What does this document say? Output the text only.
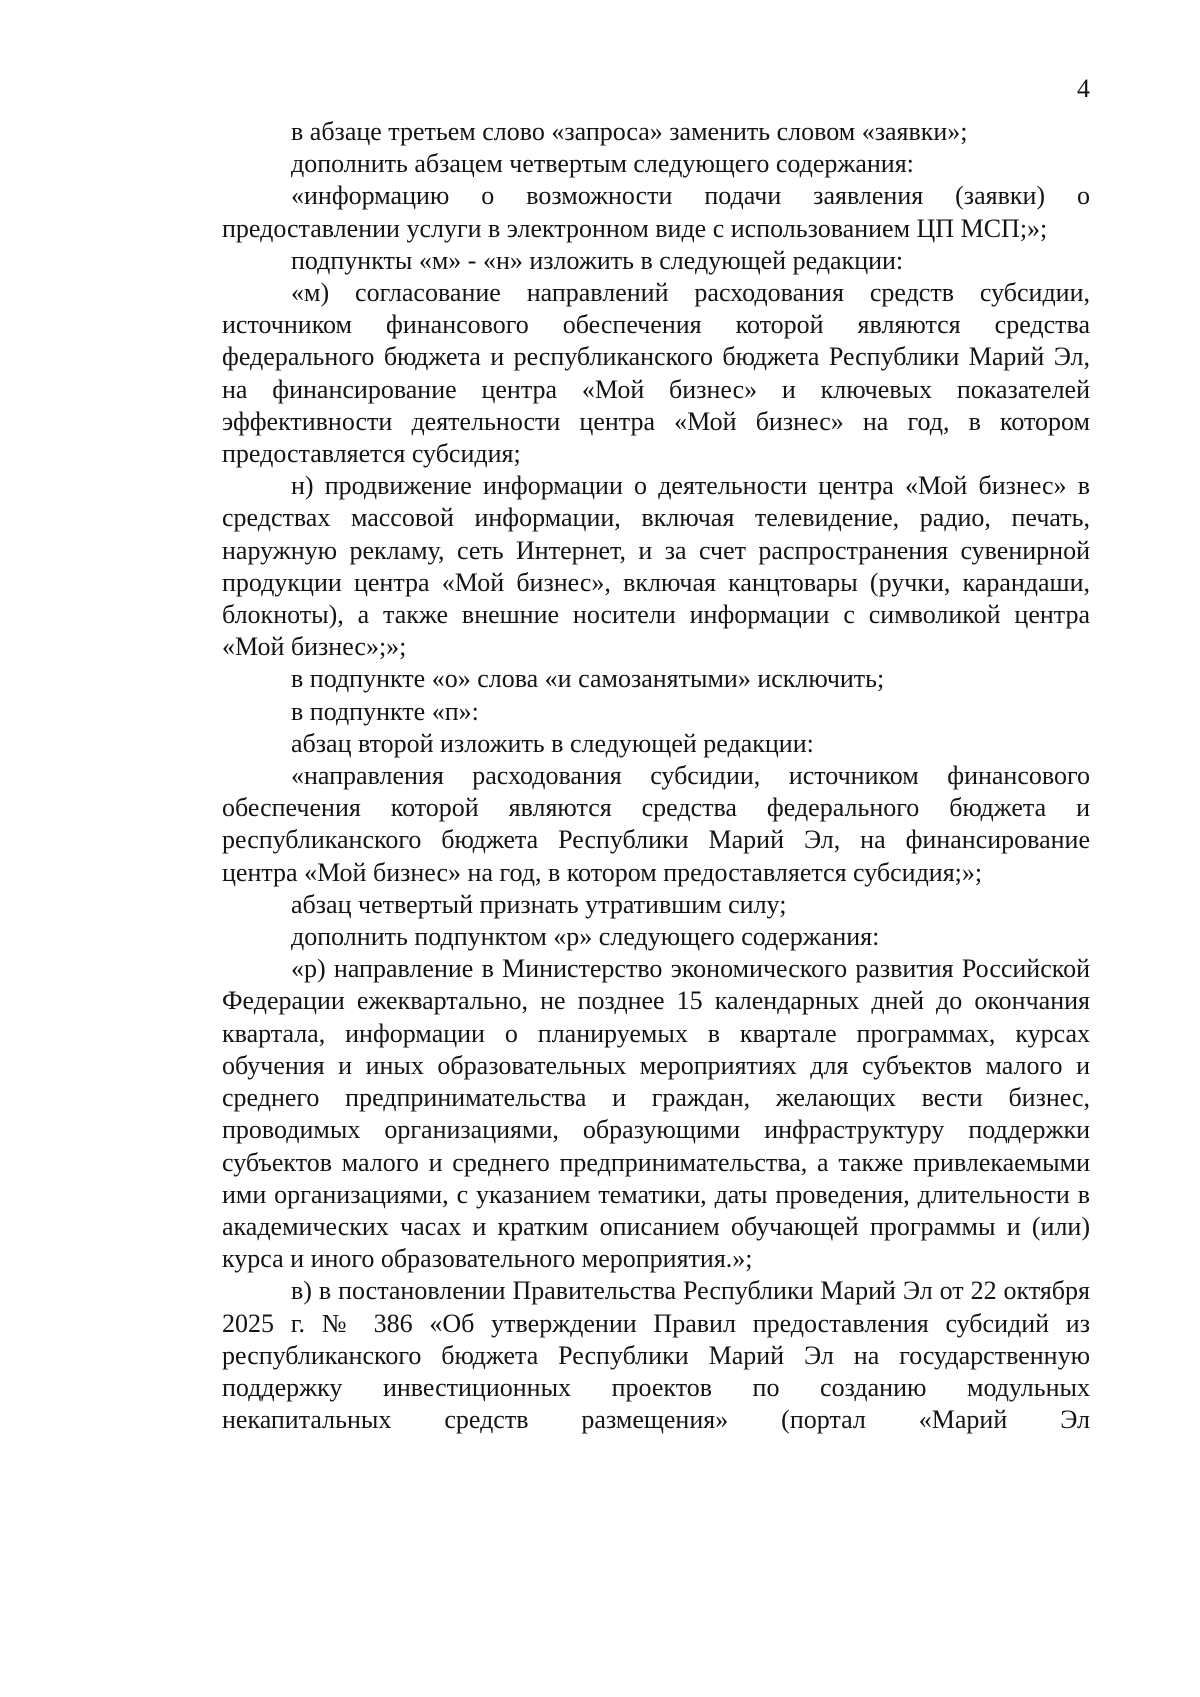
4

в абзаце третьем слово «запроса» заменить словом «заявки»;

дополнить абзацем четвертым следующего содержания:

«информацию о возможности подачи заявления (заявки) о предоставлении услуги в электронном виде с использованием ЦП МСП;»;

подпункты «м» - «н» изложить в следующей редакции:

«м) согласование направлений расходования средств субсидии, источником финансового обеспечения которой являются средства федерального бюджета и республиканского бюджета Республики Марий Эл, на финансирование центра «Мой бизнес» и ключевых показателей эффективности деятельности центра «Мой бизнес» на год, в котором предоставляется субсидия;

н) продвижение информации о деятельности центра «Мой бизнес» в средствах массовой информации, включая телевидение, радио, печать, наружную рекламу, сеть Интернет, и за счет распространения сувенирной продукции центра «Мой бизнес», включая канцтовары (ручки, карандаши, блокноты), а также внешние носители информации с символикой центра «Мой бизнес»;»;

в подпункте «о» слова «и самозанятыми» исключить;

в подпункте «п»:

абзац второй изложить в следующей редакции:

«направления расходования субсидии, источником финансового обеспечения которой являются средства федерального бюджета и республиканского бюджета Республики Марий Эл, на финансирование центра «Мой бизнес» на год, в котором предоставляется субсидия;»;

абзац четвертый признать утратившим силу;

дополнить подпунктом «р» следующего содержания:

«р) направление в Министерство экономического развития Российской Федерации ежеквартально, не позднее 15 календарных дней до окончания квартала, информации о планируемых в квартале программах, курсах обучения и иных образовательных мероприятиях для субъектов малого и среднего предпринимательства и граждан, желающих вести бизнес, проводимых организациями, образующими инфраструктуру поддержки субъектов малого и среднего предпринимательства, а также привлекаемыми ими организациями, с указанием тематики, даты проведения, длительности в академических часах и кратким описанием обучающей программы и (или) курса и иного образовательного мероприятия.»;

в) в постановлении Правительства Республики Марий Эл от 22 октября 2025 г. № 386 «Об утверждении Правил предоставления субсидий из республиканского бюджета Республики Марий Эл на государственную поддержку инвестиционных проектов по созданию модульных некапитальных средств размещения» (портал «Марий Эл
